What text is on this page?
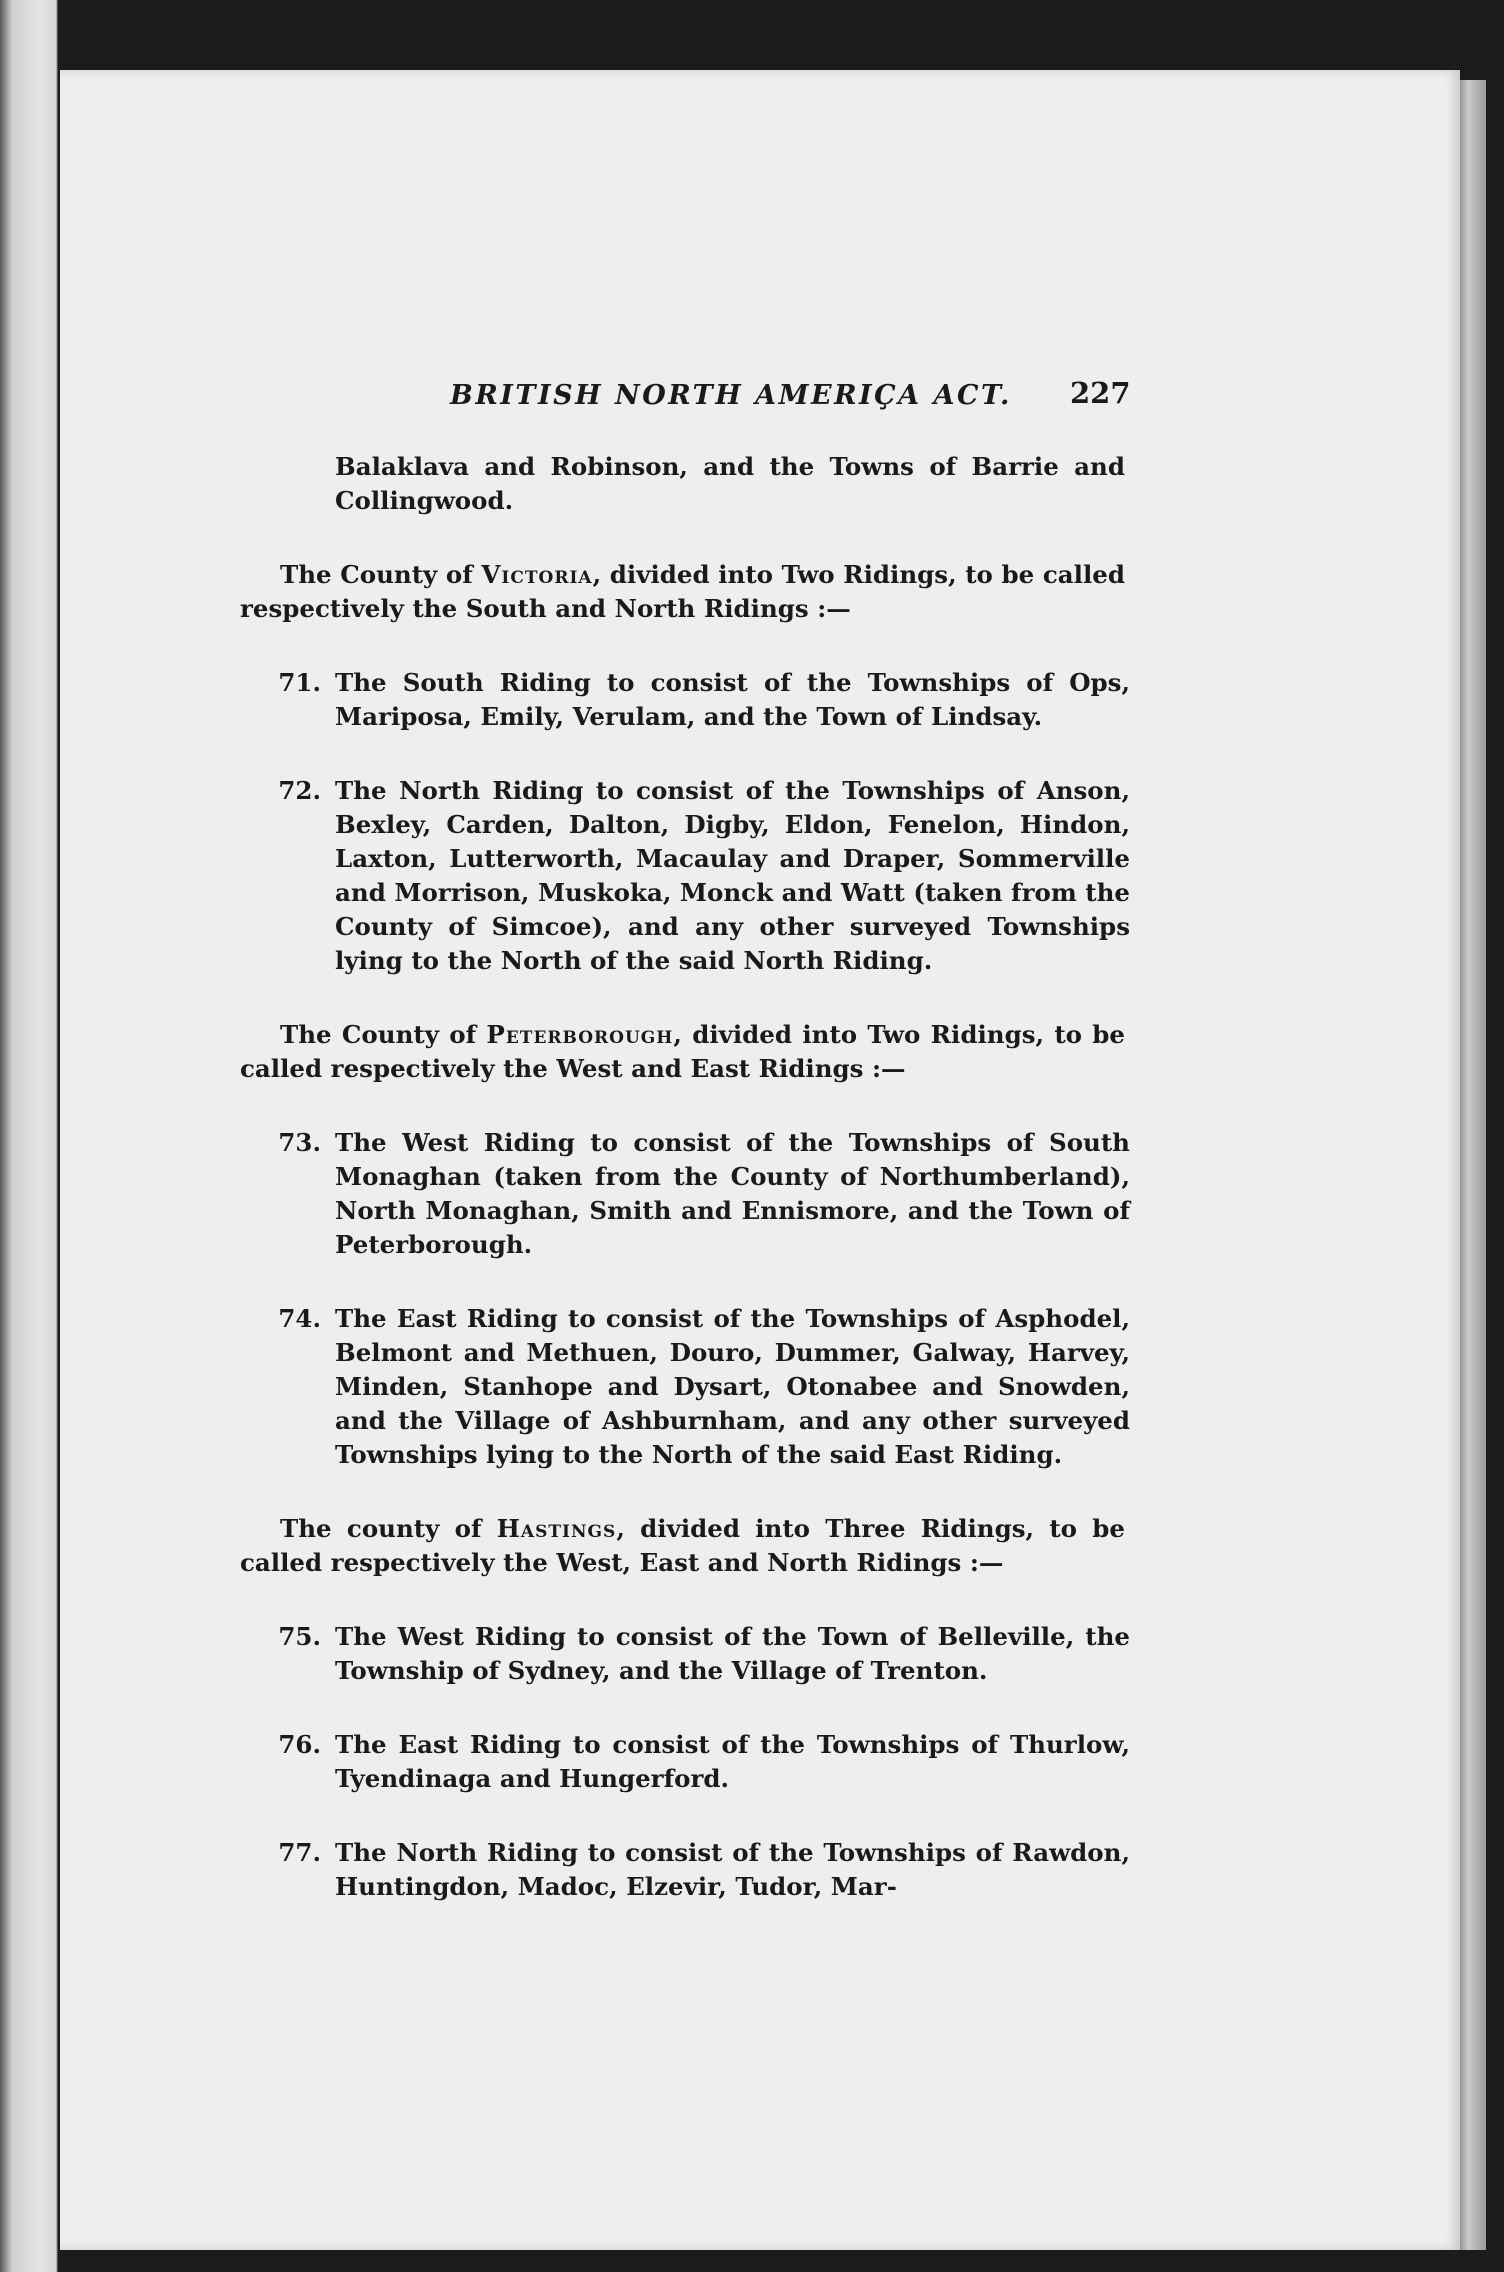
BRITISH NORTH AMERIÇA ACT. 227

Balaklava and Robinson, and the Towns of Barrie and Collingwood.

The County of Victoria, divided into Two Ridings, to be called respectively the South and North Ridings :—

71. The South Riding to consist of the Townships of Ops, Mariposa, Emily, Verulam, and the Town of Lindsay.
72. The North Riding to consist of the Townships of Anson, Bexley, Carden, Dalton, Digby, Eldon, Fenelon, Hindon, Laxton, Lutterworth, Macaulay and Draper, Sommerville and Morrison, Muskoka, Monck and Watt (taken from the County of Simcoe), and any other surveyed Townships lying to the North of the said North Riding.

The County of Peterborough, divided into Two Ridings, to be called respectively the West and East Ridings :—

73. The West Riding to consist of the Townships of South Monaghan (taken from the County of Northumberland), North Monaghan, Smith and Ennismore, and the Town of Peterborough.
74. The East Riding to consist of the Townships of Asphodel, Belmont and Methuen, Douro, Dummer, Galway, Harvey, Minden, Stanhope and Dysart, Otonabee and Snowden, and the Village of Ashburnham, and any other surveyed Townships lying to the North of the said East Riding.

The county of Hastings, divided into Three Ridings, to be called respectively the West, East and North Ridings :—

75. The West Riding to consist of the Town of Belleville, the Township of Sydney, and the Village of Trenton.
76. The East Riding to consist of the Townships of Thurlow, Tyendinaga and Hungerford.
77. The North Riding to consist of the Townships of Rawdon, Huntingdon, Madoc, Elzevir, Tudor, Mar-
